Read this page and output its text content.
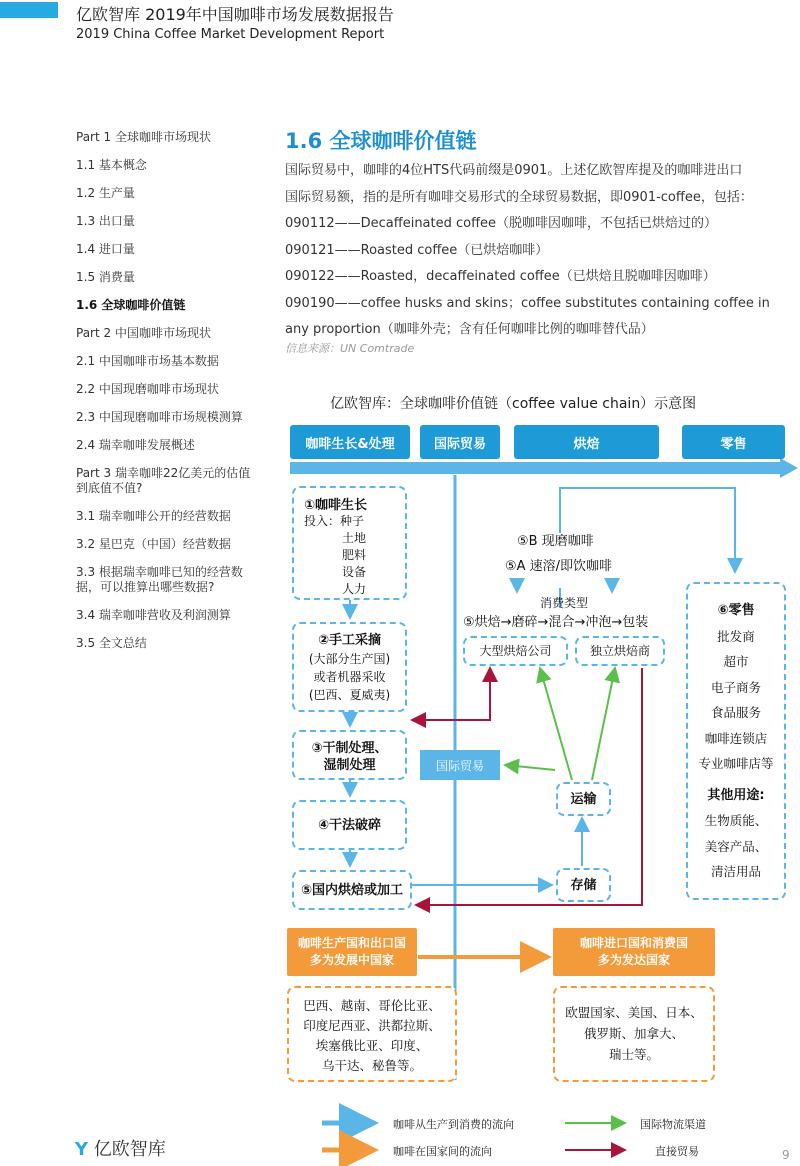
亿欧智库 2019年中国咖啡市场发展数据报告
2019 China Coffee Market Development Report
Part 1 全球咖啡市场现状
1.1 基本概念
1.2 生产量
1.3 出口量
1.4 进口量
1.5 消费量
1.6 全球咖啡价值链
Part 2 中国咖啡市场现状
2.1 中国咖啡市场基本数据
2.2 中国现磨咖啡市场现状
2.3 中国现磨咖啡市场规模测算
2.4 瑞幸咖啡发展概述
Part 3 瑞幸咖啡22亿美元的估值到底值不值?
3.1 瑞幸咖啡公开的经营数据
3.2 星巴克（中国）经营数据
3.3 根据瑞幸咖啡已知的经营数据，可以推算出哪些数据?
3.4 瑞幸咖啡营收及利润测算
3.5 全文总结
1.6 全球咖啡价值链

国际贸易中，咖啡的4位HTS代码前缀是0901。上述亿欧智库提及的咖啡进出口

国际贸易额，指的是所有咖啡交易形式的全球贸易数据，即0901-coffee，包括：

090112——Decaffeinated coffee（脱咖啡因咖啡，不包括已烘焙过的）

090121——Roasted coffee（已烘焙咖啡）

090122——Roasted，decaffeinated coffee（已烘焙且脱咖啡因咖啡）

090190——coffee husks and skins；coffee substitutes containing coffee in

any proportion（咖啡外壳；含有任何咖啡比例的咖啡替代品）

信息来源：UN Comtrade
亿欧智库：全球咖啡价值链（coffee value chain）示意图
咖啡生长&处理	国际贸易	烘焙	零售
①咖啡生长
投入：种子
土地
肥料
设备
人力
②手工采摘
(大部分生产国)
或者机器采收
(巴西、夏威夷)
③干制处理、
湿制处理
④干法破碎
⑤国内烘焙或加工
国际贸易
运输
存储
⑤B 现磨咖啡
⑤A 速溶/即饮咖啡
消费类型
⑤烘焙→磨碎→混合→冲泡→包装
大型烘焙公司	独立烘焙商
⑥零售
批发商
超市
电子商务
食品服务
咖啡连锁店
专业咖啡店等
其他用途:
生物质能、
美容产品、
清洁用品
咖啡生产国和出口国
多为发展中国家
咖啡进口国和消费国
多为发达国家
巴西、越南、哥伦比亚、
印度尼西亚、洪都拉斯、
埃塞俄比亚、印度、
乌干达、秘鲁等。
欧盟国家、美国、日本、
俄罗斯、加拿大、
瑞士等。
咖啡从生产到消费的流向	国际物流渠道
咖啡在国家间的流向	直接贸易
Y 亿欧智库	9
